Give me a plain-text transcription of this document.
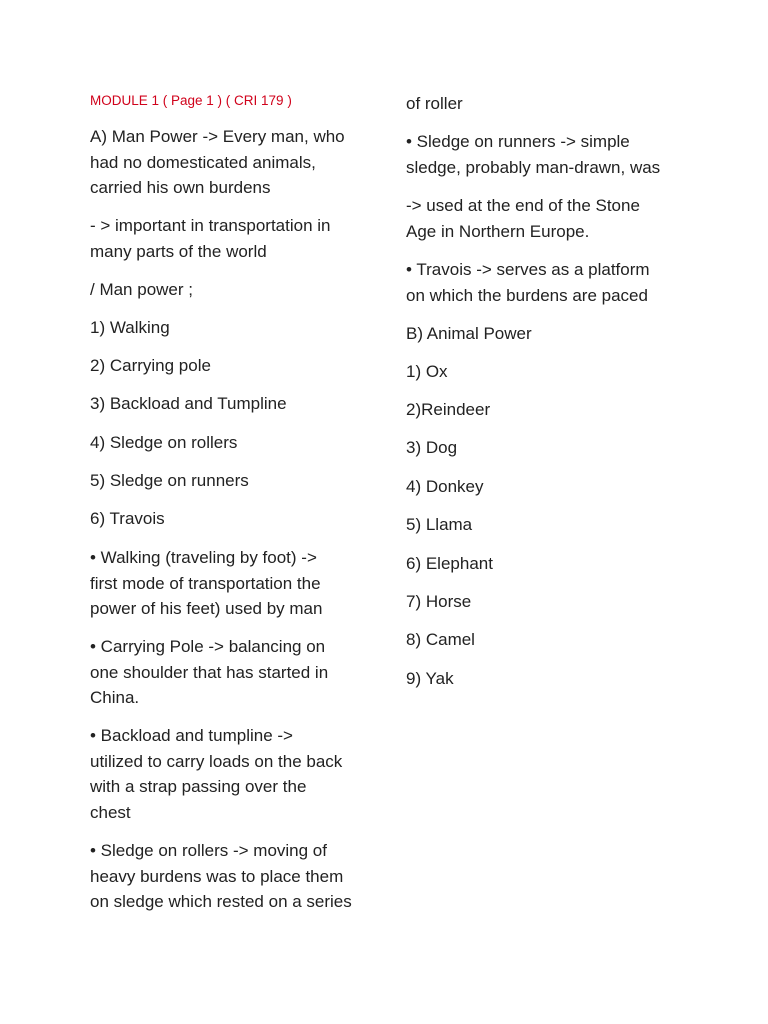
MODULE 1 ( Page 1 ) ( CRI 179 )
A) Man Power -> Every man, who
had no domesticated animals,
carried his own burdens
- > important in transportation in
many parts of the world
/ Man power ;
1) Walking
2) Carrying pole
3) Backload and Tumpline
4) Sledge on rollers
5) Sledge on runners
6) Travois
• Walking (traveling by foot) ->
first mode of transportation the
power of his feet) used by man
• Carrying Pole -> balancing on
one shoulder that has started in
China.
• Backload and tumpline ->
utilized to carry loads on the back
with a strap passing over the
chest
• Sledge on rollers -> moving of
heavy burdens was to place them
on sledge which rested on a series
of roller
• Sledge on runners -> simple
sledge, probably man-drawn, was
-> used at the end of the Stone
Age in Northern Europe.
• Travois -> serves as a platform
on which the burdens are paced
B) Animal Power
1) Ox
2)Reindeer
3) Dog
4) Donkey
5) Llama
6) Elephant
7) Horse
8) Camel
9) Yak
